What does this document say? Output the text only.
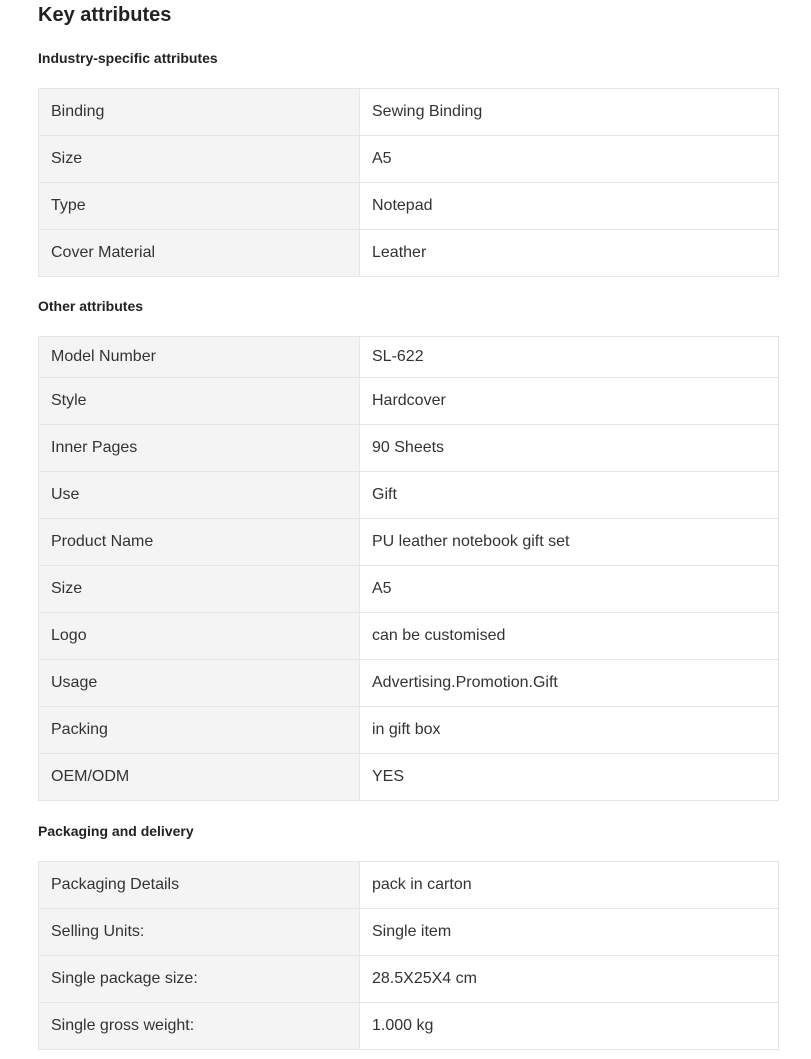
Key attributes
Industry-specific attributes
Binding	Sewing Binding
Size	A5
Type	Notepad
Cover Material	Leather
Other attributes
Model Number	SL-622
Style	Hardcover
Inner Pages	90 Sheets
Use	Gift
Product Name	PU leather notebook gift set
Size	A5
Logo	can be customised
Usage	Advertising.Promotion.Gift
Packing	in gift box
OEM/ODM	YES
Packaging and delivery
Packaging Details	pack in carton
Selling Units:	Single item
Single package size:	28.5X25X4 cm
Single gross weight:	1.000 kg
